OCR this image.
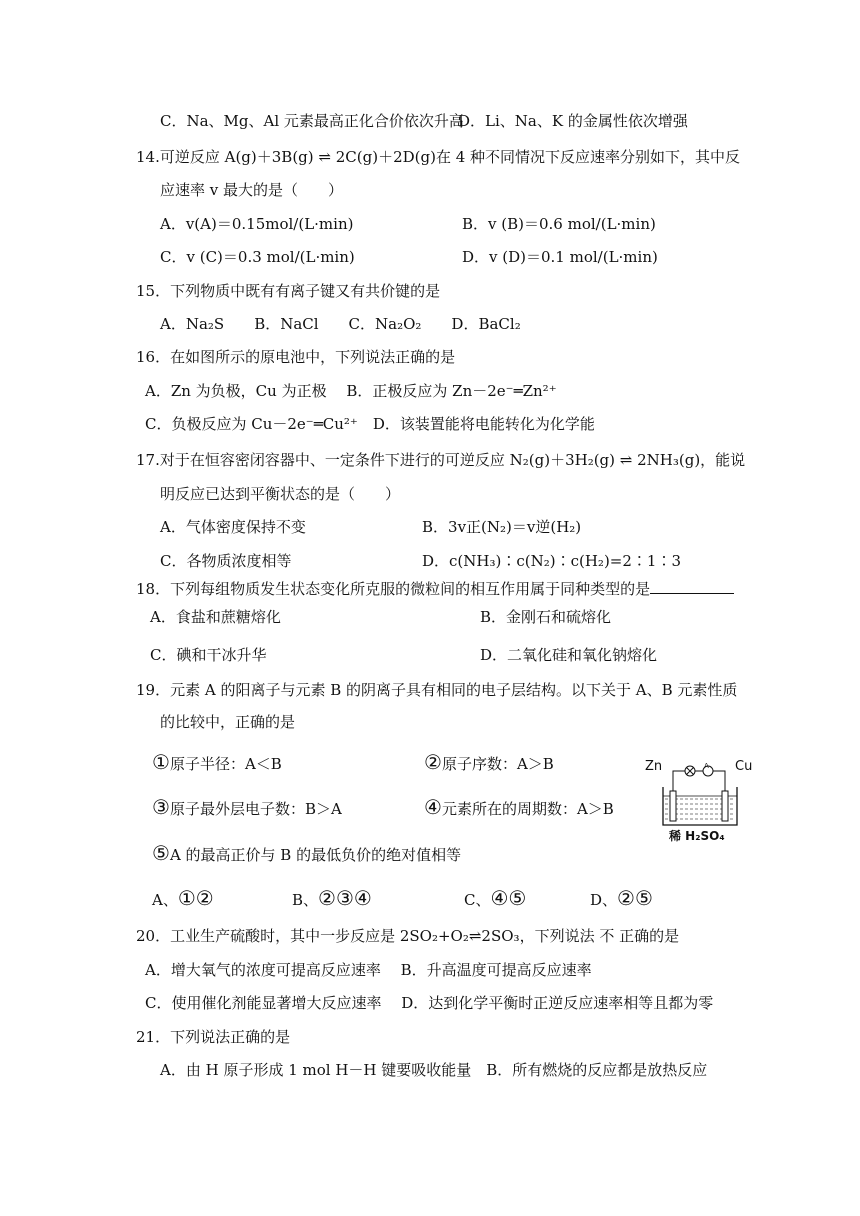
C．Na、Mg、Al 元素最高正化合价依次升高
D．Li、Na、K 的金属性依次增强
14.可逆反应 A(g)＋3B(g) ⇌ 2C(g)＋2D(g)在 4 种不同情况下反应速率分别如下，其中反
应速率 v 最大的是（　　）
A．v(A)＝0.15mol/(L·min)	B．v (B)＝0.6 mol/(L·min)
C．v (C)＝0.3 mol/(L·min)	D．v (D)＝0.1 mol/(L·min)
15．下列物质中既有有离子键又有共价键的是
A．Na₂S　　B．NaCl　　C．Na₂O₂　　D．BaCl₂
16．在如图所示的原电池中，下列说法正确的是
A．Zn 为负极，Cu 为正极　 B．正极反应为 Zn－2e⁻═Zn²⁺
C．负极反应为 Cu－2e⁻═Cu²⁺　D．该装置能将电能转化为化学能
17.对于在恒容密闭容器中、一定条件下进行的可逆反应 N₂(g)＋3H₂(g) ⇌ 2NH₃(g)，能说
明反应已达到平衡状态的是（　　）
A．气体密度保持不变	B．3v正(N₂)＝v逆(H₂)
C．各物质浓度相等	D．c(NH₃)∶c(N₂)∶c(H₂)=2∶1∶3
18．下列每组物质发生状态变化所克服的微粒间的相互作用属于同种类型的是
A．食盐和蔗糖熔化	B．金刚石和硫熔化
C．碘和干冰升华	D．二氧化硅和氧化钠熔化
19．元素 A 的阳离子与元素 B 的阴离子具有相同的电子层结构。以下关于 A、B 元素性质
的比较中，正确的是
①原子半径：A＜B	②原子序数：A＞B
③原子最外层电子数：B＞A	④元素所在的周期数：A＞B
⑤A 的最高正价与 B 的最低负价的绝对值相等
A、①②	B、②③④	C、④⑤	D、②⑤
Zn	Cu
A
稀 H₂SO₄
20．工业生产硫酸时，其中一步反应是 2SO₂+O₂⇌2SO₃，下列说法 不 正确的是
A．增大氧气的浓度可提高反应速率　 B．升高温度可提高反应速率
C．使用催化剂能显著增大反应速率　 D．达到化学平衡时正逆反应速率相等且都为零
21．下列说法正确的是
A．由 H 原子形成 1 mol H－H 键要吸收能量　B．所有燃烧的反应都是放热反应
